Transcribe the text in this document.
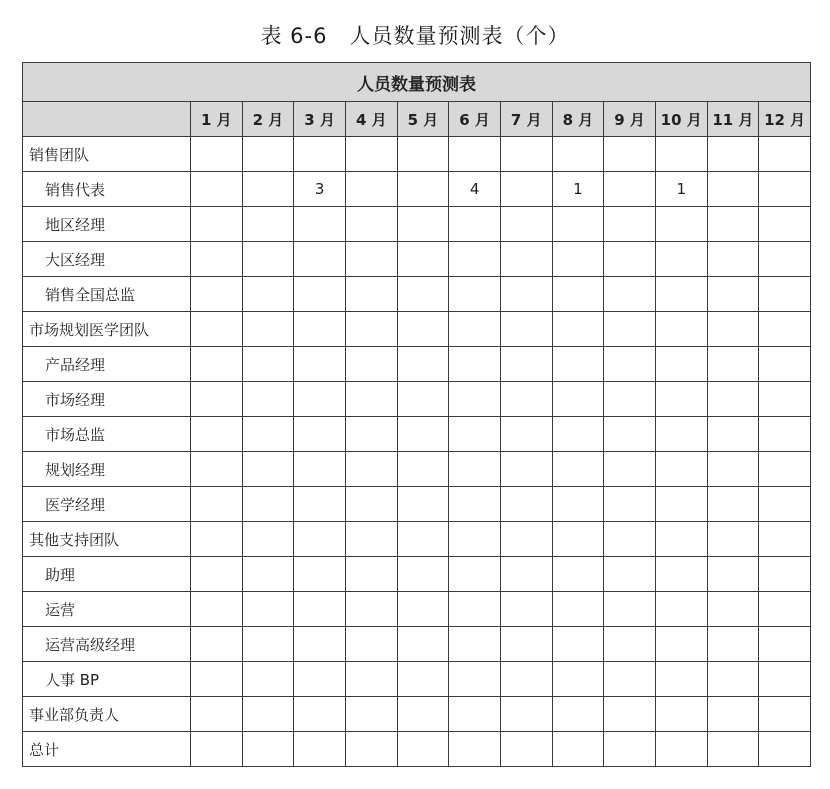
表 6-6　人员数量预测表（个）
人员数量预测表												
	1 月	2 月	3 月	4 月	5 月	6 月	7 月	8 月	9 月	10 月	11 月	12 月
销售团队												
销售代表			3			4		1		1		
地区经理												
大区经理												
销售全国总监												
市场规划医学团队												
产品经理												
市场经理												
市场总监												
规划经理												
医学经理												
其他支持团队												
助理												
运营												
运营高级经理												
人事 BP												
事业部负责人												
总计												
